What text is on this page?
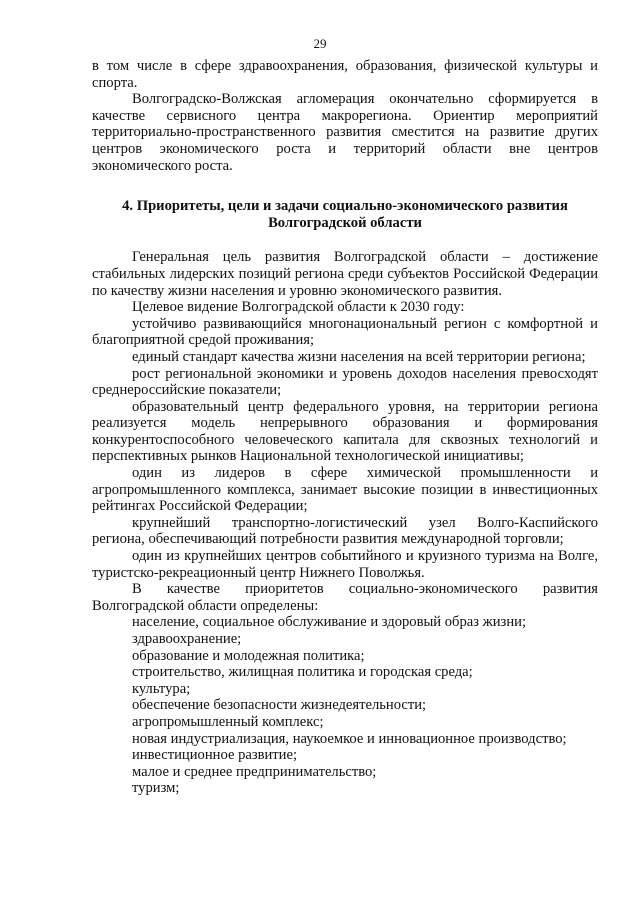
29

в том числе в сфере здравоохранения, образования, физической культуры и спорта.

Волгоградско-Волжская агломерация окончательно сформируется в качестве сервисного центра макрорегиона. Ориентир мероприятий территориально-пространственного развития сместится на развитие других центров экономического роста и территорий области вне центров экономического роста.

4. Приоритеты, цели и задачи социально-экономического развития Волгоградской области

Генеральная цель развития Волгоградской области – достижение стабильных лидерских позиций региона среди субъектов Российской Федерации по качеству жизни населения и уровню экономического развития.

Целевое видение Волгоградской области к 2030 году:

устойчиво развивающийся многонациональный регион с комфортной и благоприятной средой проживания;

единый стандарт качества жизни населения на всей территории региона;

рост региональной экономики и уровень доходов населения превосходят среднероссийские показатели;

образовательный центр федерального уровня, на территории региона реализуется модель непрерывного образования и формирования конкурентоспособного человеческого капитала для сквозных технологий и перспективных рынков Национальной технологической инициативы;

один из лидеров в сфере химической промышленности и агропромышленного комплекса, занимает высокие позиции в инвестиционных рейтингах Российской Федерации;

крупнейший транспортно-логистический узел Волго-Каспийского региона, обеспечивающий потребности развития международной торговли;

один из крупнейших центров событийного и круизного туризма на Волге, туристско-рекреационный центр Нижнего Поволжья.

В качестве приоритетов социально-экономического развития Волгоградской области определены:

население, социальное обслуживание и здоровый образ жизни;

здравоохранение;

образование и молодежная политика;

строительство, жилищная политика и городская среда;

культура;

обеспечение безопасности жизнедеятельности;

агропромышленный комплекс;

новая индустриализация, наукоемкое и инновационное производство;

инвестиционное развитие;

малое и среднее предпринимательство;

туризм;
